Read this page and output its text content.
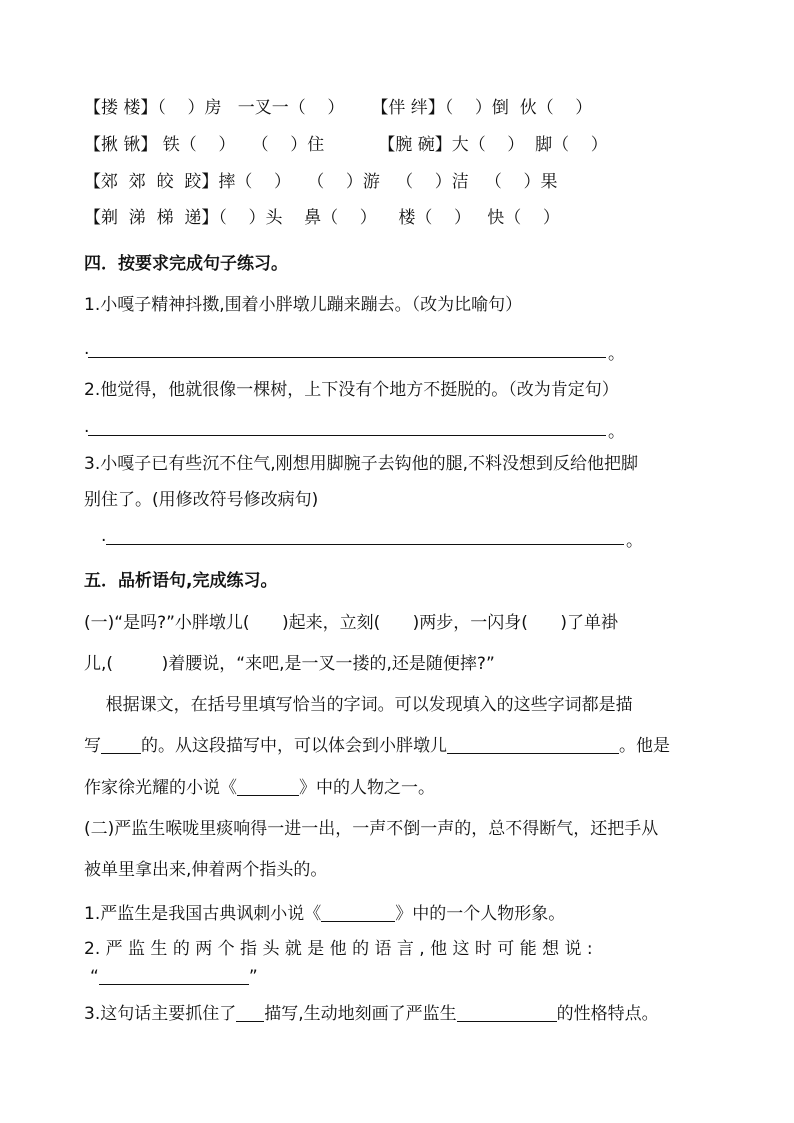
【搂 楼】（    ）房   一叉一（    ）     【伴 绊】（    ）倒  伙（    ）
【揪 锹】 铁（    ）   （    ）住          【腕 碗】大（    ）  脚（    ）
【郊  郊  皎  跤】摔（    ）   （    ）游   （    ）洁   （    ）果
【剃  涕  梯  递】（    ）头    鼻（    ）    楼（    ）   快（    ）
四．按要求完成句子练习。
1.小嘎子精神抖擞,围着小胖墩儿蹦来蹦去。（改为比喻句）
.	。
2.他觉得，他就很像一棵树，上下没有个地方不挺脱的。（改为肯定句）
.	。
3.小嘎子已有些沉不住气,刚想用脚腕子去钩他的腿,不料没想到反给他把脚
别住了。(用修改符号修改病句)
.	。
五．品析语句,完成练习。
(一)“是吗?”小胖墩儿(      )起来，立刻(      )两步，一闪身(      )了单褂
儿,(         )着腰说，“来吧,是一叉一搂的,还是随便摔?”
根据课文，在括号里填写恰当的字词。可以发现填入的这些字词都是描
写 的。从这段描写中，可以体会到小胖墩儿	。他是
作家徐光耀的小说《	》中的人物之一。
(二)严监生喉咙里痰响得一进一出，一声不倒一声的，总不得断气，还把手从
被单里拿出来,伸着两个指头的。
1.严监生是我国古典讽刺小说《	》中的一个人物形象。
2. 严 监 生 的 两 个 指 头 就 是 他 的 语 言 , 他 这 时 可 能 想 说 :
“	”
3.这句话主要抓住了 描写,生动地刻画了严监生	的性格特点。
